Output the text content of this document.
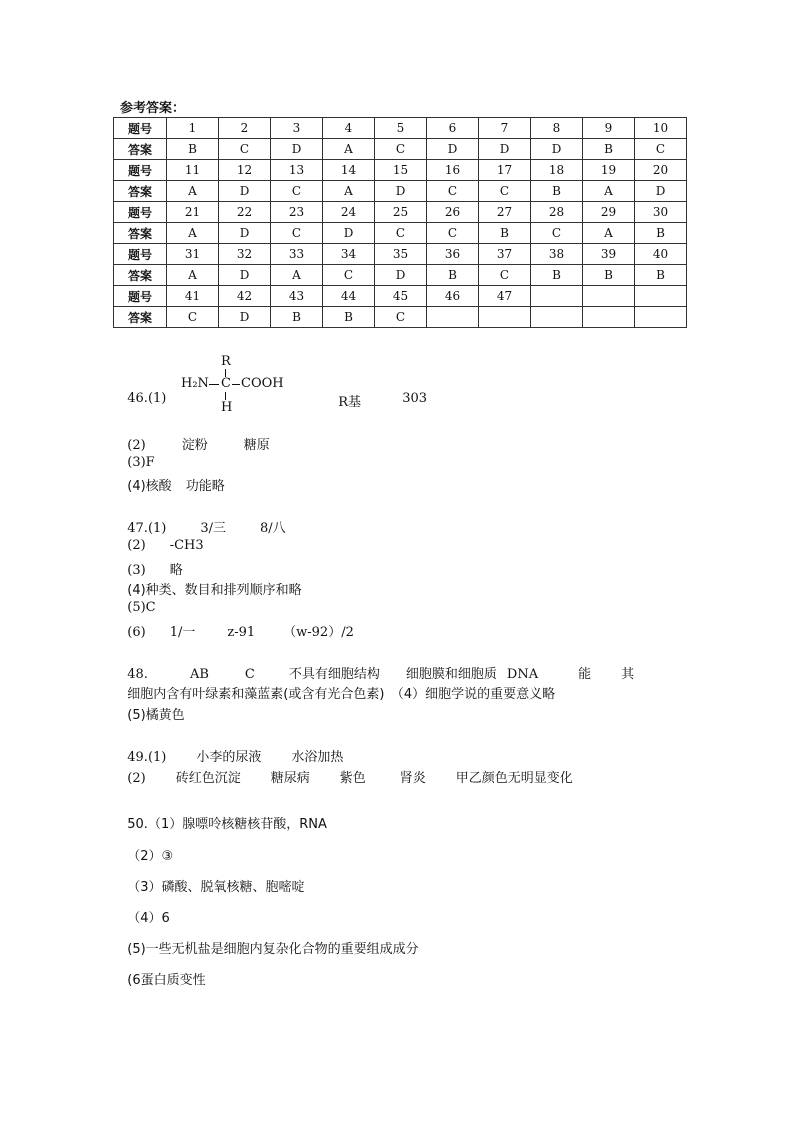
参考答案：
题号	1	2	3	4	5	6	7	8	9	10
答案	B	C	D	A	C	D	D	D	B	C
题号	11	12	13	14	15	16	17	18	19	20
答案	A	D	C	A	D	C	C	B	A	D
题号	21	22	23	24	25	26	27	28	29	30
答案	A	D	C	D	C	C	B	C	A	B
题号	31	32	33	34	35	36	37	38	39	40
答案	A	D	A	C	D	B	C	B	B	B
题号	41	42	43	44	45	46	47			
答案	C	D	B	B	C					

46.(1)

R
H₂N C COOH
H	R基	303

(2)	淀粉	糖原

(3)F

(4)核酸 功能略

47.(1)	3/三	8/八

(2) -CH3

(3) 略

(4)种类、数目和排列顺序和略

(5)C

(6) 1/一 z-91 （w-92）/2

48.	AB	C	不具有细胞结构 细胞膜和细胞质 DNA	能 其

细胞内含有叶绿素和藻蓝素(或含有光合色素)　（4）细胞学说的重要意义略

(5)橘黄色

49.(1) 小李的尿液 水浴加热

(2) 砖红色沉淀 糖尿病 紫色	肾炎 甲乙颜色无明显变化

50.（1）腺嘌呤核糖核苷酸，RNA

（2）③

（3）磷酸、脱氧核糖、胞嘧啶

（4）6

(5)一些无机盐是细胞内复杂化合物的重要组成成分

(6蛋白质变性
